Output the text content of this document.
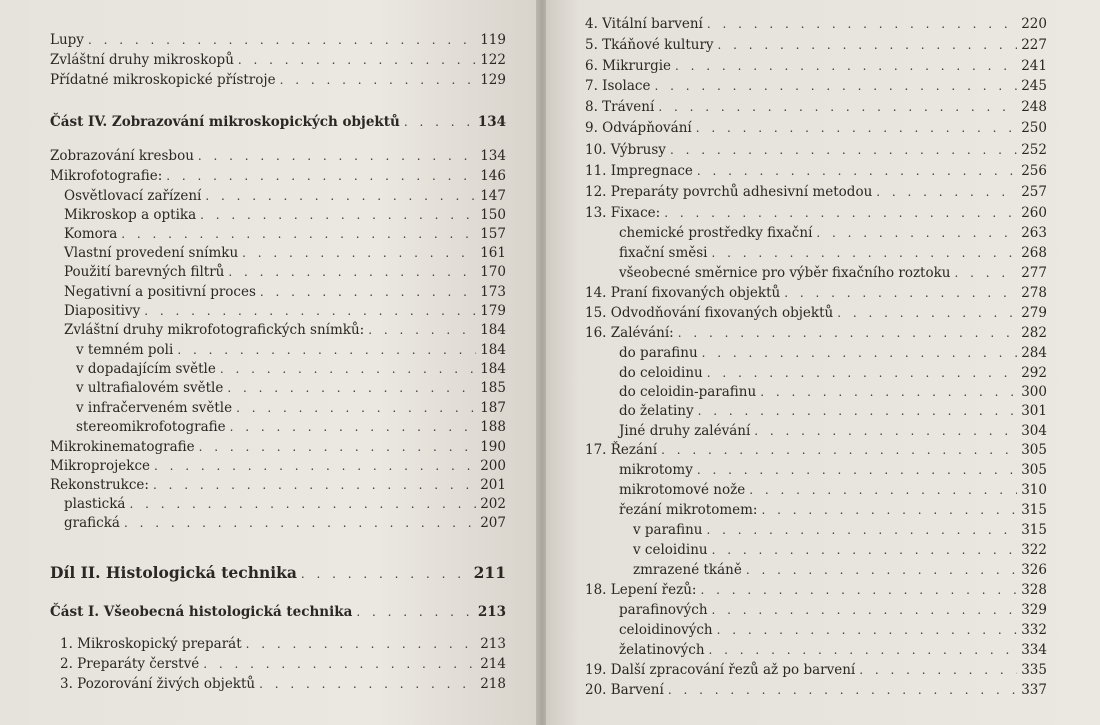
Lupy . . .	119
Zvláštní druhy mikroskopů . . .	122
Přídatné mikroskopické přístroje . . .	129
Část IV. Zobrazování mikroskopických objektů . . .	134
Zobrazování kresbou . . .	134
Mikrofotografie: . . .	146
Osvětlovací zařízení . . .	147
Mikroskop a optika . . .	150
Komora . . .	157
Vlastní provedení snímku . . .	161
Použití barevných filtrů . . .	170
Negativní a positivní proces . . .	173
Diapositivy . . .	179
Zvláštní druhy mikrofotografických snímků: . . .	184
v temném poli . . .	184
v dopadajícím světle . . .	184
v ultrafialovém světle . . .	185
v infračerveném světle . . .	187
stereomikrofotografie . . .	188
Mikrokinematografie . . .	190
Mikroprojekce . . .	200
Rekonstrukce: . . .	201
plastická . . .	202
grafická . . .	207
Díl II. Histologická technika . . .	211
Část I. Všeobecná histologická technika . . .	213
1. Mikroskopický preparát . . .	213
2. Preparáty čerstvé . . .	214
3. Pozorování živých objektů . . .	218
4. Vitální barvení . . .	220
5. Tkáňové kultury . . .	227
6. Mikrurgie . . .	241
7. Isolace . . .	245
8. Trávení . . .	248
9. Odvápňování . . .	250
10. Výbrusy . . .	252
11. Impregnace . . .	256
12. Preparáty povrchů adhesivní metodou . . .	257
13. Fixace: . . .	260
chemické prostředky fixační . . .	263
fixační směsi . . .	268
všeobecné směrnice pro výběr fixačního roztoku . . .	277
14. Praní fixovaných objektů . . .	278
15. Odvodňování fixovaných objektů . . .	279
16. Zalévání: . . .	282
do parafinu . . .	284
do celoidinu . . .	292
do celoidin-parafinu . . .	300
do želatiny . . .	301
Jiné druhy zalévání . . .	304
17. Řezání . . .	305
mikrotomy . . .	305
mikrotomové nože . . .	310
řezání mikrotomem: . . .	315
v parafinu . . .	315
v celoidinu . . .	322
zmrazené tkáně . . .	326
18. Lepení řezů: . . .	328
parafinových . . .	329
celoidinových . . .	332
želatinových . . .	334
19. Další zpracování řezů až po barvení . . .	335
20. Barvení . . .	337
